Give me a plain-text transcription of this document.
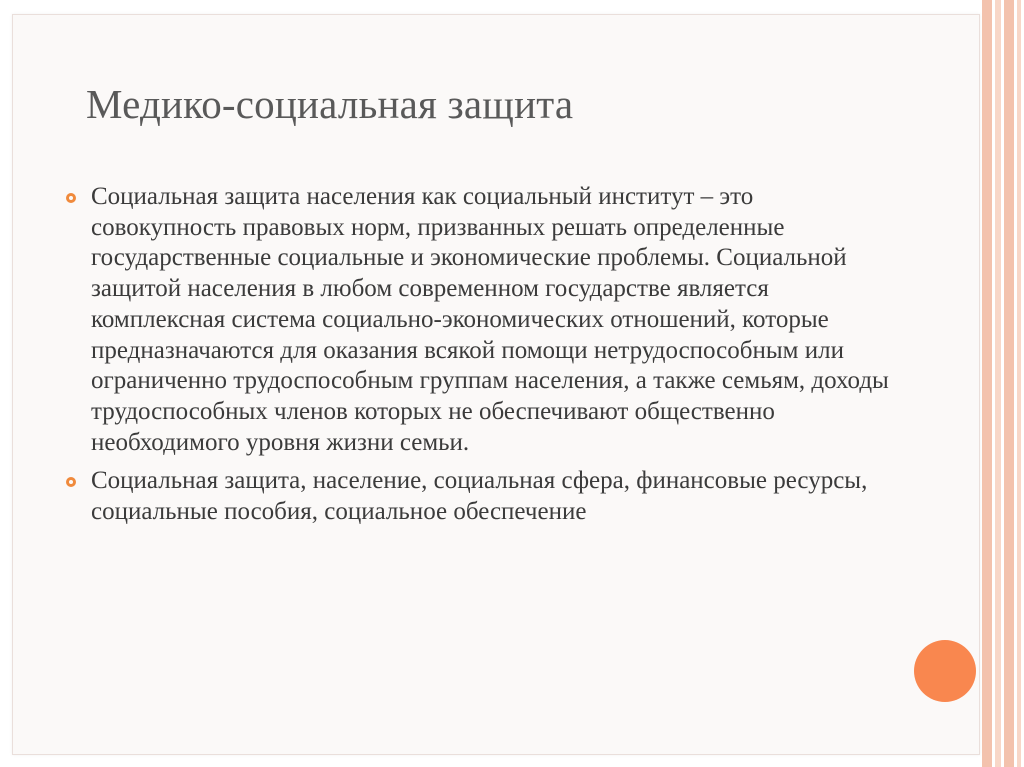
Медико-социальная защита
Социальная защита населения как социальный институт – это совокупность правовых норм, призванных решать определенные государственные социальные и экономические проблемы. Социальной защитой населения в любом современном государстве является комплексная система социально-экономических отношений, которые предназначаются для оказания всякой помощи нетрудоспособным или ограниченно трудоспособным группам населения, а также семьям, доходы трудоспособных членов которых не обеспечивают общественно необходимого уровня жизни семьи.
Социальная защита, население, социальная сфера, финансовые ресурсы, социальные пособия, социальное обеспечение
